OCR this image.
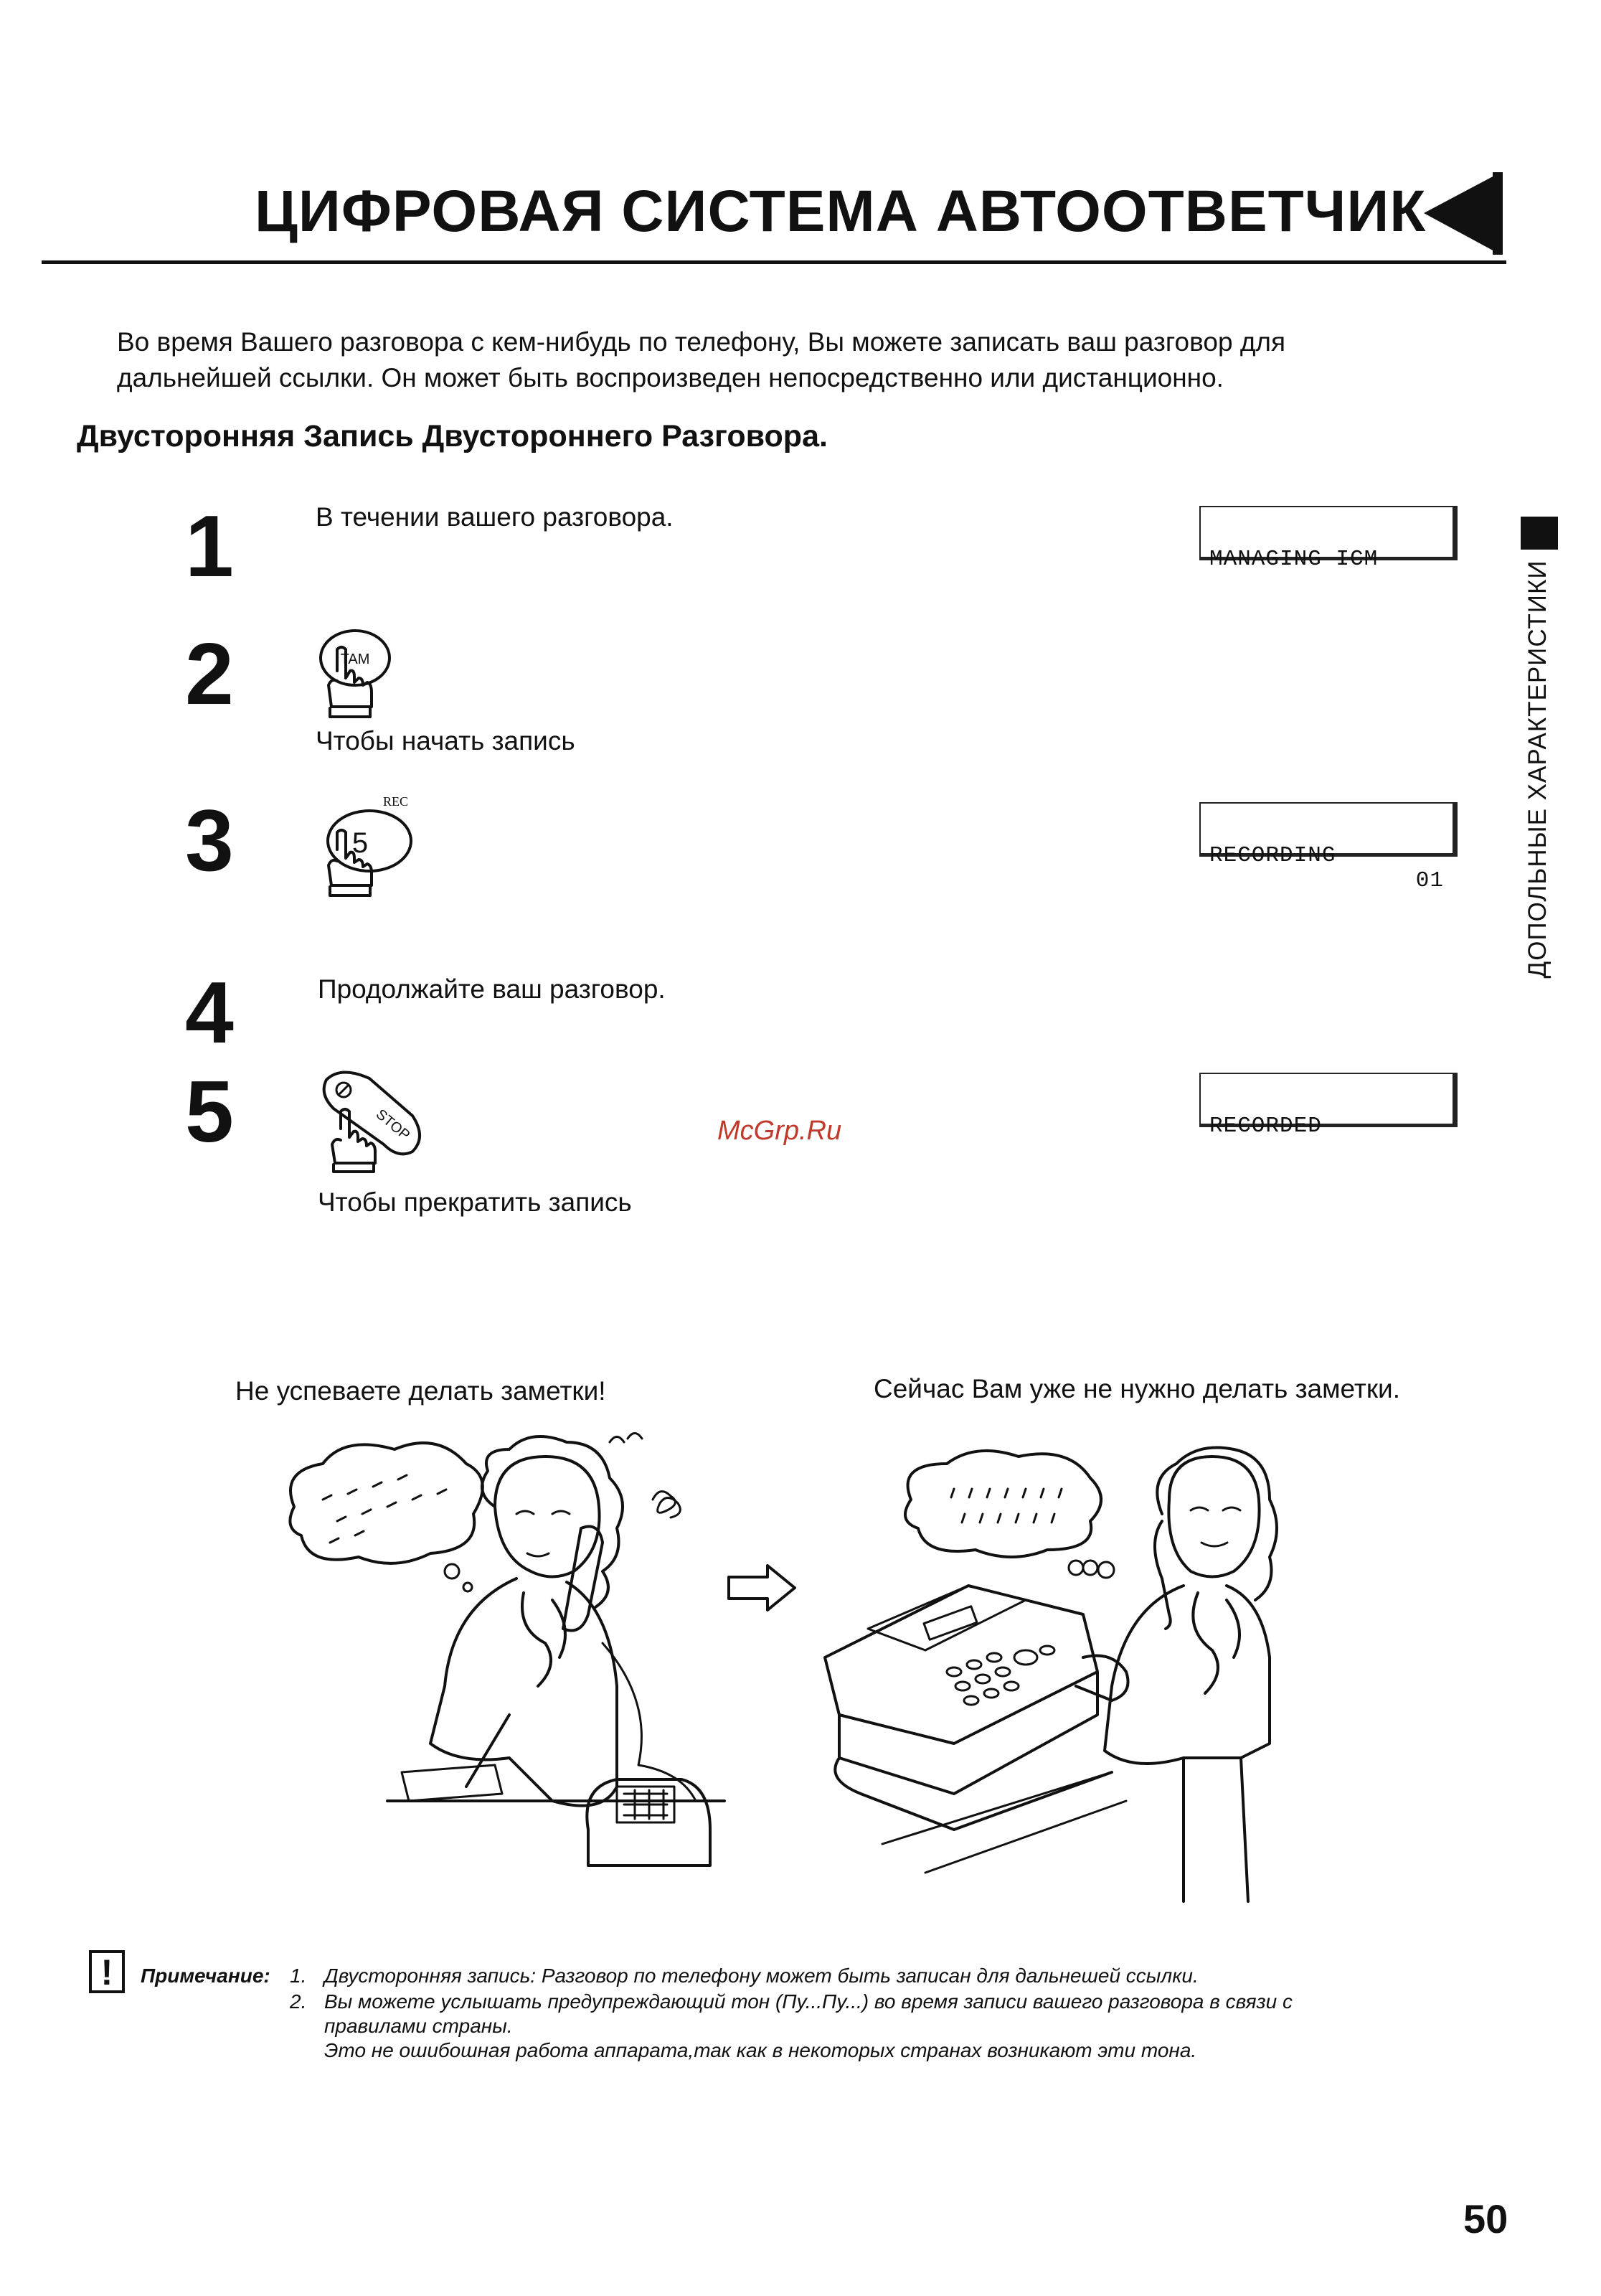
ЦИФРОВАЯ СИСТЕМА АВТООТВЕТЧИК
Во время Вашего разговора с кем-нибудь по телефону, Вы можете записать ваш разговор для дальнейшей ссылки. Он может быть воспроизведен непосредственно или дистанционно.
Двусторонняя Запись Двустороннего Разговора.
ДОПОЛЬНЫЕ ХАРАКТЕРИСТИКИ
1	В течении вашего разговора.

MANAGING ICM

2	TAM
Чтобы начать запись
3	REC
5

	RECORDING

01

4	Продолжайте ваш разговор.
5	STOP
Чтобы прекратить запись

RECORDED

McGrp.Ru
Не успеваете делать заметки!	Сейчас Вам уже не нужно делать заметки.
!	Примечание: 1. Двусторонняя запись: Разговор по телефону может быть записан для дальнешей ссылки.
2. Вы можете услышать предупреждающий тон (Пу...Пу...) во время записи вашего разговора в связи с
правилами страны.
Это не ошибошная работа аппарата,так как в некоторых странах возникают эти тона.
50
